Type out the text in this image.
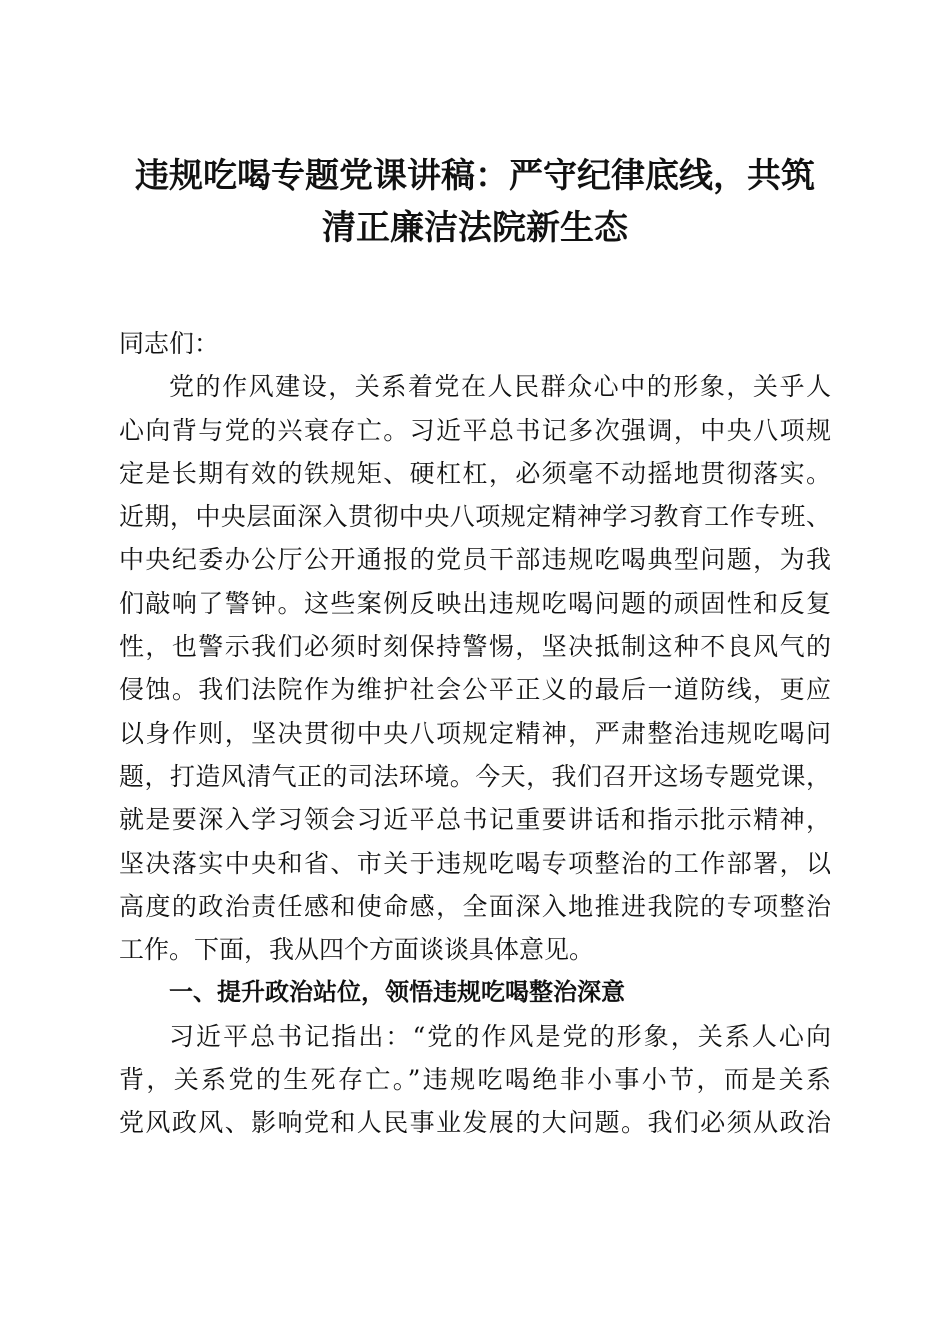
违规吃喝专题党课讲稿：严守纪律底线，共筑
清正廉洁法院新生态
同志们：
党的作风建设，关系着党在人民群众心中的形象，关乎人
心向背与党的兴衰存亡。习近平总书记多次强调，中央八项规
定是长期有效的铁规矩、硬杠杠，必须毫不动摇地贯彻落实。
近期，中央层面深入贯彻中央八项规定精神学习教育工作专班、
中央纪委办公厅公开通报的党员干部违规吃喝典型问题，为我
们敲响了警钟。这些案例反映出违规吃喝问题的顽固性和反复
性，也警示我们必须时刻保持警惕，坚决抵制这种不良风气的
侵蚀。我们法院作为维护社会公平正义的最后一道防线，更应
以身作则，坚决贯彻中央八项规定精神，严肃整治违规吃喝问
题，打造风清气正的司法环境。今天，我们召开这场专题党课，
就是要深入学习领会习近平总书记重要讲话和指示批示精神，
坚决落实中央和省、市关于违规吃喝专项整治的工作部署，以
高度的政治责任感和使命感，全面深入地推进我院的专项整治
工作。下面，我从四个方面谈谈具体意见。
一、提升政治站位，领悟违规吃喝整治深意
习近平总书记指出：“党的作风是党的形象，关系人心向
背，关系党的生死存亡。”违规吃喝绝非小事小节，而是关系
党风政风、影响党和人民事业发展的大问题。我们必须从政治
